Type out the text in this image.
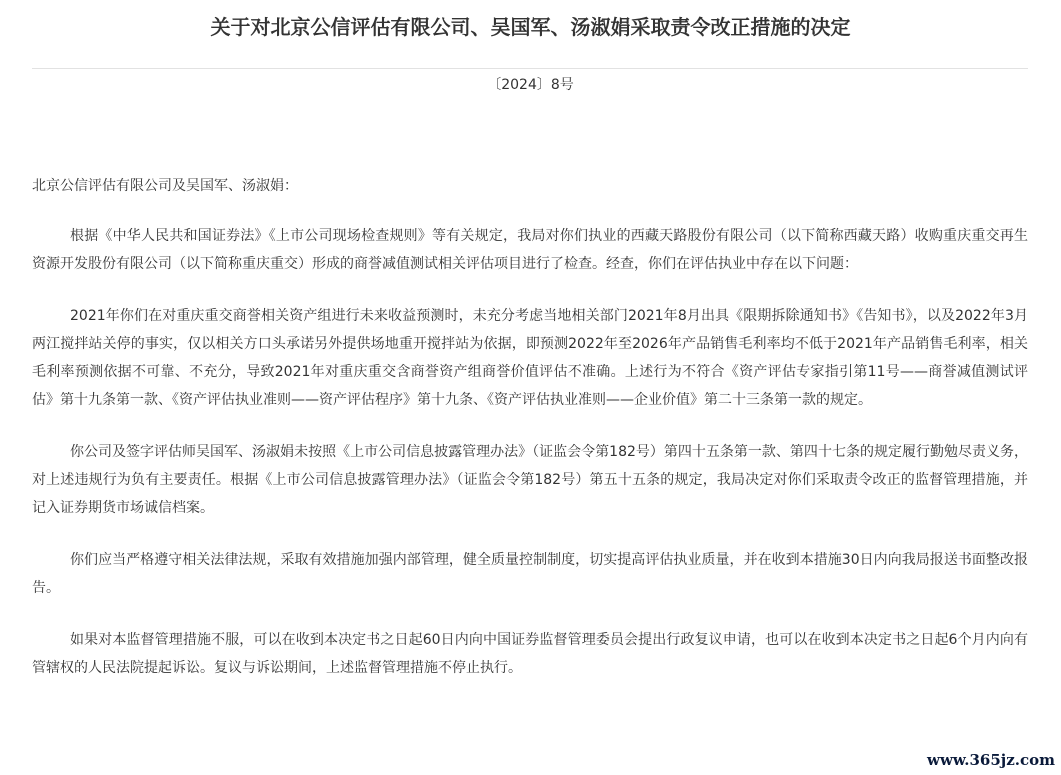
关于对北京公信评估有限公司、吴国军、汤淑娟采取责令改正措施的决定
〔2024〕8号

北京公信评估有限公司及吴国军、汤淑娟：

根据《中华人民共和国证券法》《上市公司现场检查规则》等有关规定，我局对你们执业的西藏天路股份有限公司（以下简称西藏天路）收购重庆重交再生资源开发股份有限公司（以下简称重庆重交）形成的商誉减值测试相关评估项目进行了检查。经查，你们在评估执业中存在以下问题：

2021年你们在对重庆重交商誉相关资产组进行未来收益预测时，未充分考虑当地相关部门2021年8月出具《限期拆除通知书》《告知书》，以及2022年3月两江搅拌站关停的事实，仅以相关方口头承诺另外提供场地重开搅拌站为依据，即预测2022年至2026年产品销售毛利率均不低于2021年产品销售毛利率，相关毛利率预测依据不可靠、不充分，导致2021年对重庆重交含商誉资产组商誉价值评估不准确。上述行为不符合《资产评估专家指引第11号——商誉减值测试评估》第十九条第一款、《资产评估执业准则——资产评估程序》第十九条、《资产评估执业准则——企业价值》第二十三条第一款的规定。

你公司及签字评估师吴国军、汤淑娟未按照《上市公司信息披露管理办法》（证监会令第182号）第四十五条第一款、第四十七条的规定履行勤勉尽责义务，对上述违规行为负有主要责任。根据《上市公司信息披露管理办法》（证监会令第182号）第五十五条的规定，我局决定对你们采取责令改正的监督管理措施，并记入证券期货市场诚信档案。

你们应当严格遵守相关法律法规，采取有效措施加强内部管理，健全质量控制制度，切实提高评估执业质量，并在收到本措施30日内向我局报送书面整改报告。

如果对本监督管理措施不服，可以在收到本决定书之日起60日内向中国证券监督管理委员会提出行政复议申请，也可以在收到本决定书之日起6个月内向有管辖权的人民法院提起诉讼。复议与诉讼期间，上述监督管理措施不停止执行。

www.365jz.com
